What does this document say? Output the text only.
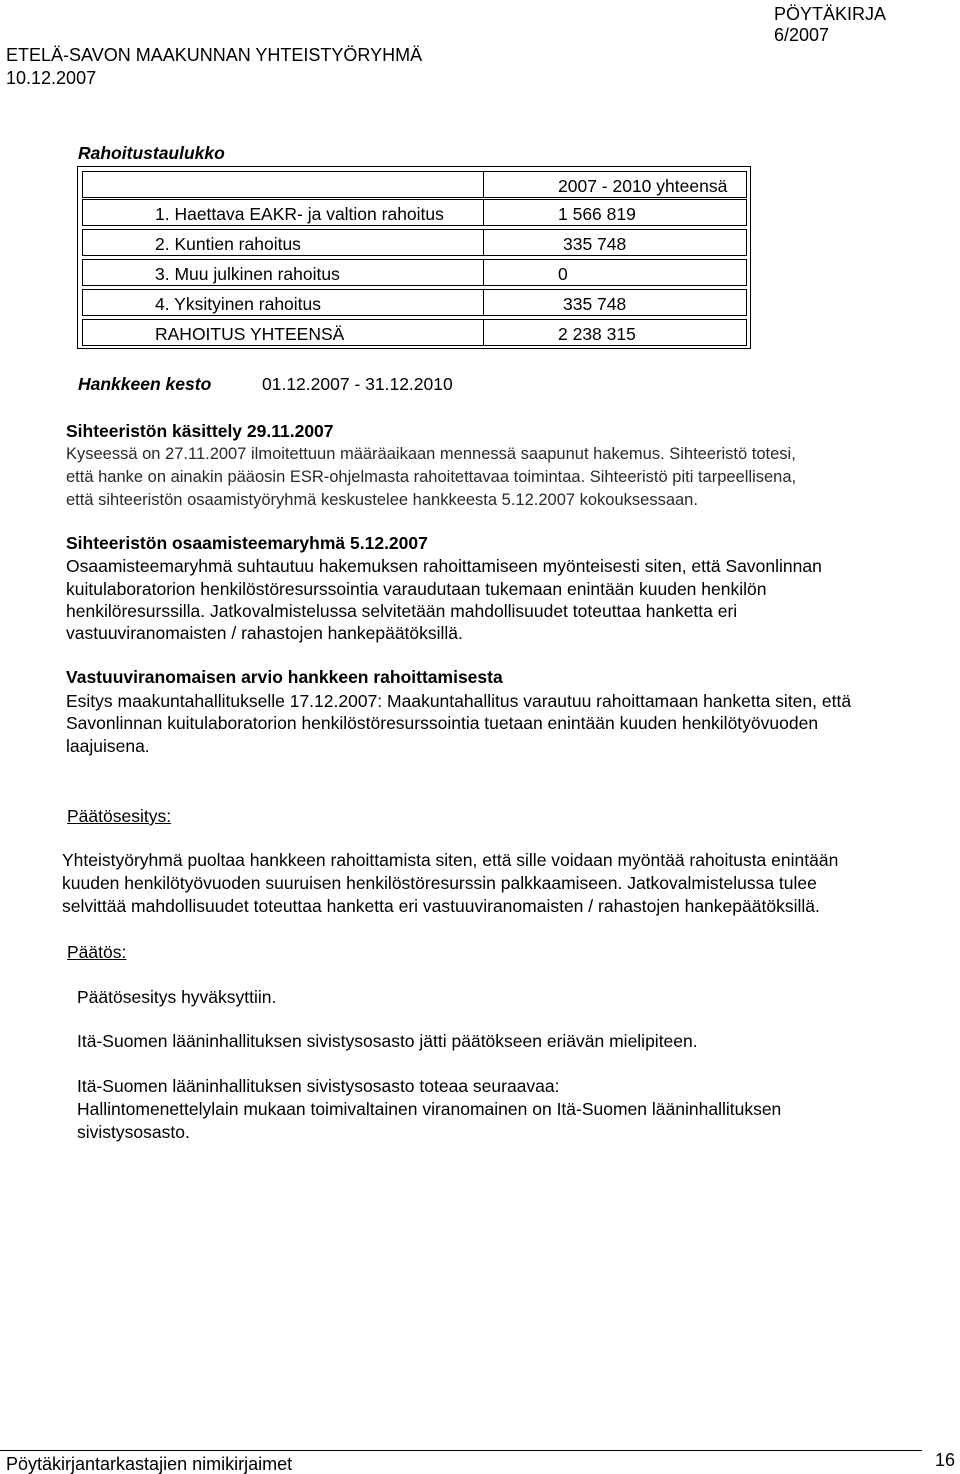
PÖYTÄKIRJA
6/2007
ETELÄ-SAVON MAAKUNNAN YHTEISTYÖRYHMÄ
10.12.2007
Rahoitustaulukko
2007 - 2010 yhteensä
1. Haettava EAKR- ja valtion rahoitus	1 566 819
2. Kuntien rahoitus	335 748
3. Muu julkinen rahoitus	0
4. Yksityinen rahoitus	335 748
RAHOITUS YHTEENSÄ	2 238 315
Hankkeen kesto	01.12.2007 - 31.12.2010
Sihteeristön käsittely 29.11.2007
Kyseessä on 27.11.2007 ilmoitettuun määräaikaan mennessä saapunut hakemus. Sihteeristö totesi,
että hanke on ainakin pääosin ESR-ohjelmasta rahoitettavaa toimintaa. Sihteeristö piti tarpeellisena,
että sihteeristön osaamistyöryhmä keskustelee hankkeesta 5.12.2007 kokouksessaan.
Sihteeristön osaamisteemaryhmä 5.12.2007
Osaamisteemaryhmä suhtautuu hakemuksen rahoittamiseen myönteisesti siten, että Savonlinnan
kuitulaboratorion henkilöstöresurssointia varaudutaan tukemaan enintään kuuden henkilön
henkilöresurssilla. Jatkovalmistelussa selvitetään mahdollisuudet toteuttaa hanketta eri
vastuuviranomaisten / rahastojen hankepäätöksillä.
Vastuuviranomaisen arvio hankkeen rahoittamisesta
Esitys maakuntahallitukselle 17.12.2007: Maakuntahallitus varautuu rahoittamaan hanketta siten, että
Savonlinnan kuitulaboratorion henkilöstöresurssointia tuetaan enintään kuuden henkilötyövuoden
laajuisena.
Päätösesitys:
Yhteistyöryhmä puoltaa hankkeen rahoittamista siten, että sille voidaan myöntää rahoitusta enintään
kuuden henkilötyövuoden suuruisen henkilöstöresurssin palkkaamiseen. Jatkovalmistelussa tulee
selvittää mahdollisuudet toteuttaa hanketta eri vastuuviranomaisten / rahastojen hankepäätöksillä.
Päätös:
Päätösesitys hyväksyttiin.
Itä-Suomen lääninhallituksen sivistysosasto jätti päätökseen eriävän mielipiteen.
Itä-Suomen lääninhallituksen sivistysosasto toteaa seuraavaa:
Hallintomenettelylain mukaan toimivaltainen viranomainen on Itä-Suomen lääninhallituksen
sivistysosasto.
Pöytäkirjantarkastajien nimikirjaimet	16
